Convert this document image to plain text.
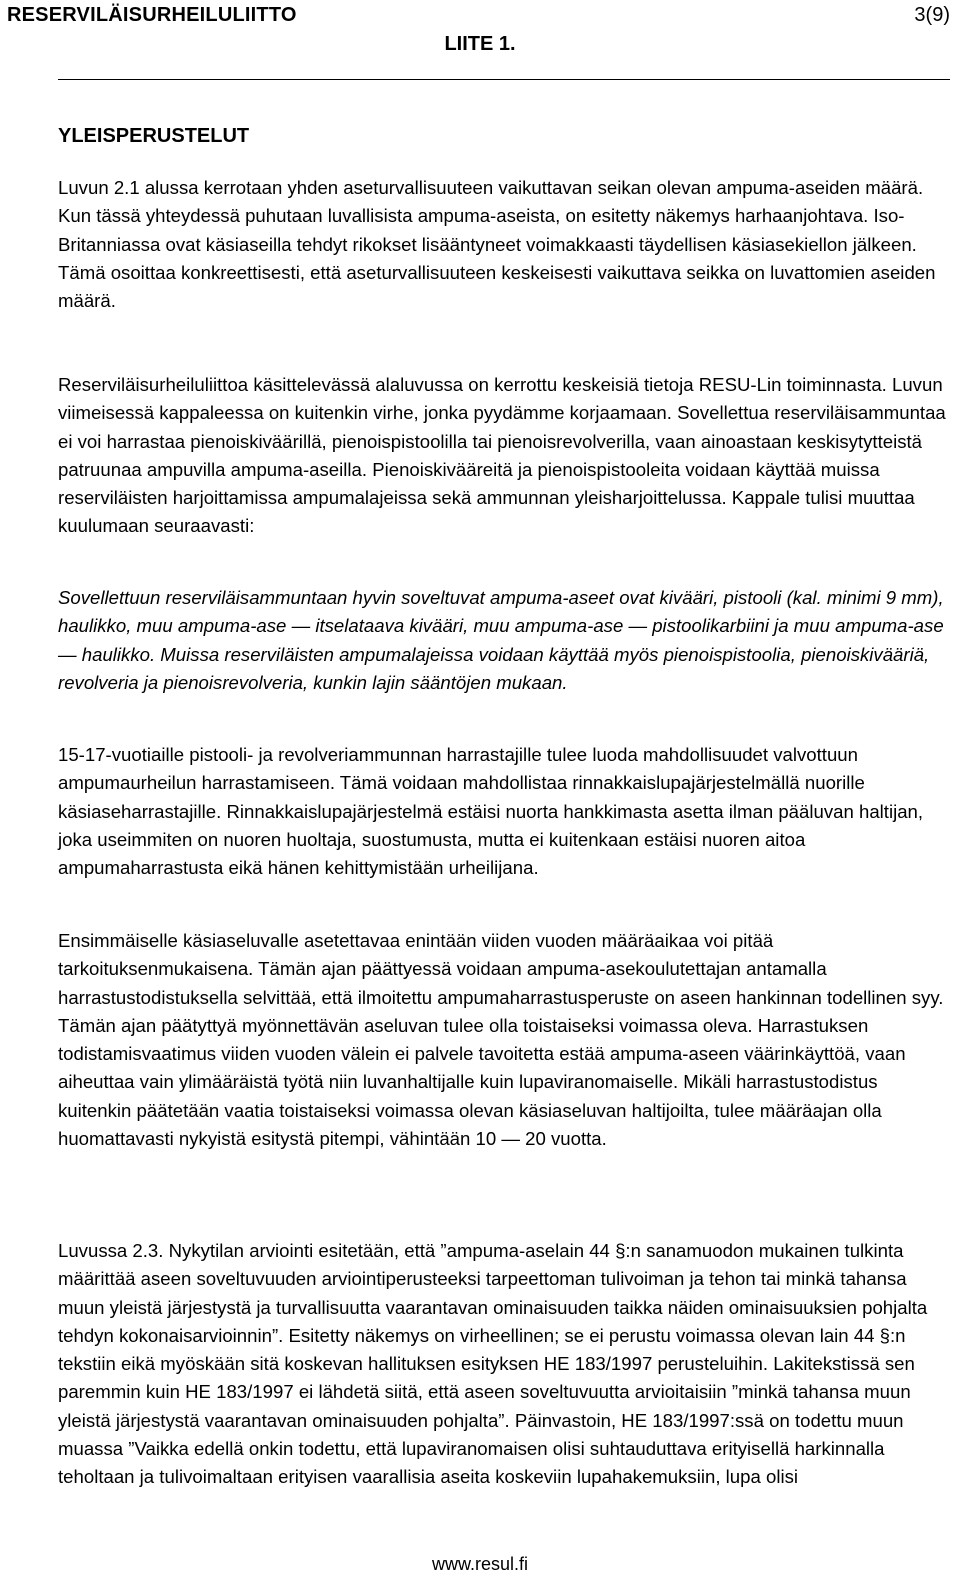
RESERVILÄISURHEILULIITTO	3(9)
LIITE 1.
YLEISPERUSTELUT
Luvun 2.1 alussa kerrotaan yhden aseturvallisuuteen vaikuttavan seikan olevan ampuma-aseiden määrä. Kun tässä yhteydessä puhutaan luvallisista ampuma-aseista, on esitetty näkemys harhaanjohtava. Iso-Britanniassa ovat käsiaseilla tehdyt rikokset lisääntyneet voimakkaasti täydellisen käsiasekiellon jälkeen. Tämä osoittaa konkreettisesti, että aseturvallisuuteen keskeisesti vaikuttava seikka on luvattomien aseiden määrä.
Reserviläisurheiluliittoa käsittelevässä alaluvussa on kerrottu keskeisiä tietoja RESU-Lin toiminnasta. Luvun viimeisessä kappaleessa on kuitenkin virhe, jonka pyydämme korjaamaan. Sovellettua reserviläisammuntaa ei voi harrastaa pienoiskiväärillä, pienoispistoolilla tai pienoisrevolverilla, vaan ainoastaan keskisytytteistä patruunaa ampuvilla ampuma-aseilla. Pienoiskivääreitä ja pienoispistooleita voidaan käyttää muissa reserviläisten harjoittamissa ampumalajeissa sekä ammunnan yleisharjoittelussa. Kappale tulisi muuttaa kuulumaan seuraavasti:
Sovellettuun reserviläisammuntaan hyvin soveltuvat ampuma-aseet ovat kivääri, pistooli (kal. minimi 9 mm), haulikko, muu ampuma-ase — itselataava kivääri, muu ampuma-ase — pistoolikarbiini ja muu ampuma-ase — haulikko. Muissa reserviläisten ampumalajeissa voidaan käyttää myös pienoispistoolia, pienoiskivääriä, revolveria ja pienoisrevolveria, kunkin lajin sääntöjen mukaan.
15-17-vuotiaille pistooli- ja revolveriammunnan harrastajille tulee luoda mahdollisuudet valvottuun ampumaurheilun harrastamiseen. Tämä voidaan mahdollistaa rinnakkaislupajärjestelmällä nuorille käsiaseharrastajille. Rinnakkaislupajärjestelmä estäisi nuorta hankkimasta asetta ilman pääluvan haltijan, joka useimmiten on nuoren huoltaja, suostumusta, mutta ei kuitenkaan estäisi nuoren aitoa ampumaharrastusta eikä hänen kehittymistään urheilijana.
Ensimmäiselle käsiaseluvalle asetettavaa enintään viiden vuoden määräaikaa voi pitää tarkoituksenmukaisena. Tämän ajan päättyessä voidaan ampuma-asekoulutettajan antamalla harrastustodistuksella selvittää, että ilmoitettu ampumaharrastusperuste on aseen hankinnan todellinen syy. Tämän ajan päätyttyä myönnettävän aseluvan tulee olla toistaiseksi voimassa oleva. Harrastuksen todistamisvaatimus viiden vuoden välein ei palvele tavoitetta estää ampuma-aseen väärinkäyttöä, vaan aiheuttaa vain ylimääräistä työtä niin luvanhaltijalle kuin lupaviranomaiselle. Mikäli harrastustodistus kuitenkin päätetään vaatia toistaiseksi voimassa olevan käsiaseluvan haltijoilta, tulee määräajan olla huomattavasti nykyistä esitystä pitempi, vähintään 10 — 20 vuotta.
Luvussa 2.3. Nykytilan arviointi esitetään, että ”ampuma-aselain 44 §:n sanamuodon mukainen tulkinta määrittää aseen soveltuvuuden arviointiperusteeksi tarpeettoman tulivoiman ja tehon tai minkä tahansa muun yleistä järjestystä ja turvallisuutta vaarantavan ominaisuuden taikka näiden ominaisuuksien pohjalta tehdyn kokonaisarvioinnin”. Esitetty näkemys on virheellinen; se ei perustu voimassa olevan lain 44 §:n tekstiin eikä myöskään sitä koskevan hallituksen esityksen HE 183/1997 perusteluihin. Lakitekstissä sen paremmin kuin HE 183/1997 ei lähdetä siitä, että aseen soveltuvuutta arvioitaisiin ”minkä tahansa muun yleistä järjestystä vaarantavan ominaisuuden pohjalta”. Päinvastoin, HE 183/1997:ssä on todettu muun muassa ”Vaikka edellä onkin todettu, että lupaviranomaisen olisi suhtauduttava erityisellä harkinnalla teholtaan ja tulivoimaltaan erityisen vaarallisia aseita koskeviin lupahakemuksiin, lupa olisi
www.resul.fi
